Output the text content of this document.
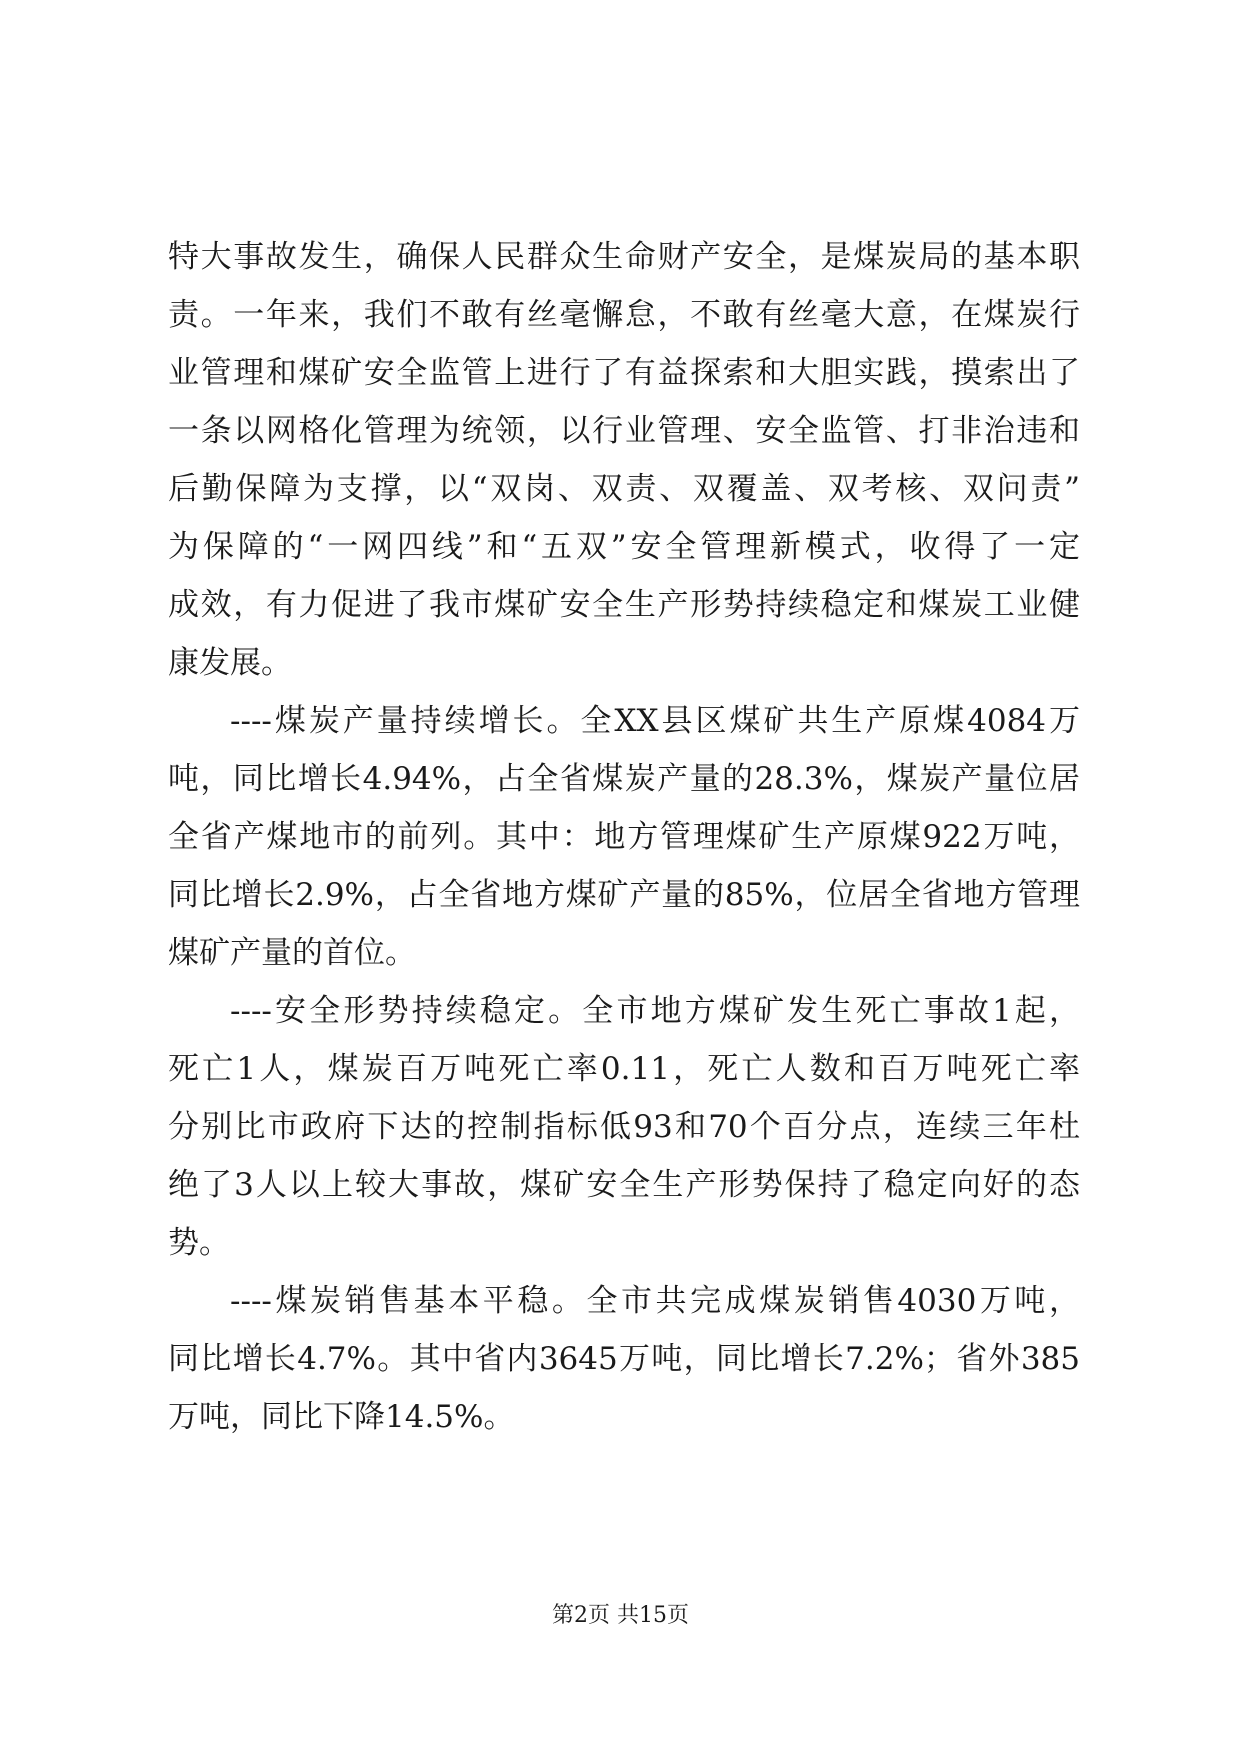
特大事故发生，确保人民群众生命财产安全，是煤炭局的基本职
责。一年来，我们不敢有丝毫懈怠，不敢有丝毫大意，在煤炭行
业管理和煤矿安全监管上进行了有益探索和大胆实践，摸索出了
一条以网格化管理为统领，以行业管理、安全监管、打非治违和
后勤保障为支撑，以“双岗、双责、双覆盖、双考核、双问责”
为保障的“一网四线”和“五双”安全管理新模式，收得了一定
成效，有力促进了我市煤矿安全生产形势持续稳定和煤炭工业健
康发展。
----煤炭产量持续增长。全XX县区煤矿共生产原煤4084万
吨，同比增长4.94%，占全省煤炭产量的28.3%，煤炭产量位居
全省产煤地市的前列。其中：地方管理煤矿生产原煤922万吨，
同比增长2.9%，占全省地方煤矿产量的85%，位居全省地方管理
煤矿产量的首位。
----安全形势持续稳定。全市地方煤矿发生死亡事故1起，
死亡1人，煤炭百万吨死亡率0.11，死亡人数和百万吨死亡率
分别比市政府下达的控制指标低93和70个百分点，连续三年杜
绝了3人以上较大事故，煤矿安全生产形势保持了稳定向好的态
势。
----煤炭销售基本平稳。全市共完成煤炭销售4030万吨，
同比增长4.7%。其中省内3645万吨，同比增长7.2%；省外385
万吨，同比下降14.5%。
第2页 共15页
